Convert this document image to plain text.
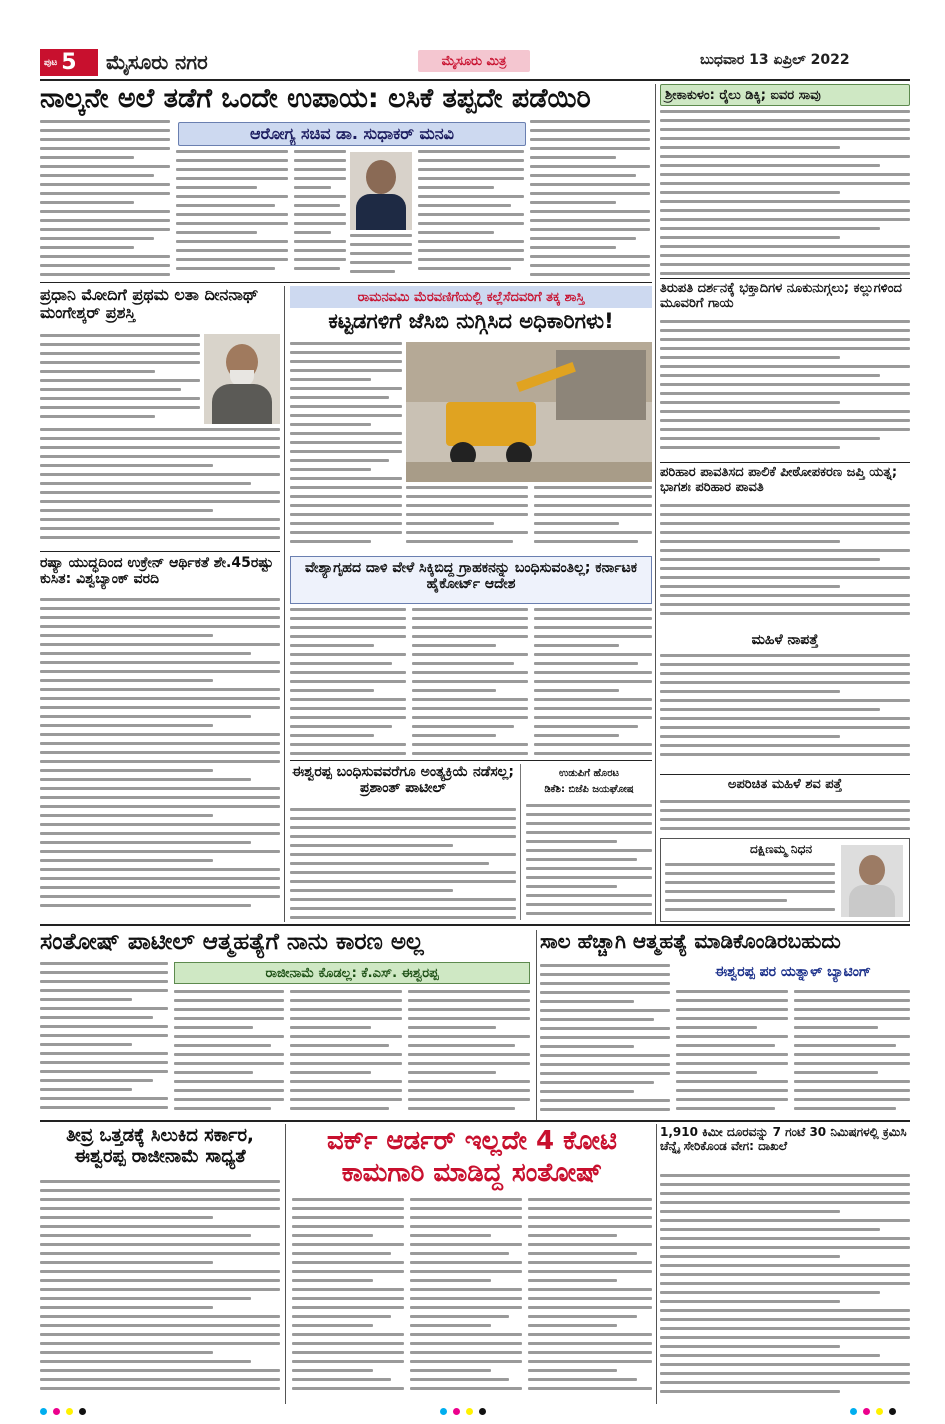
ಪುಟ 5 ಮೈಸೂರು ನಗರ	ಮೈಸೂರು ಮಿತ್ರ	ಬುಧವಾರ 13 ಏಪ್ರಿಲ್ 2022
ನಾಲ್ಕನೇ ಅಲೆ ತಡೆಗೆ ಒಂದೇ ಉಪಾಯ: ಲಸಿಕೆ ತಪ್ಪದೇ ಪಡೆಯಿರಿ
ಆರೋಗ್ಯ ಸಚಿವ ಡಾ. ಸುಧಾಕರ್ ಮನವಿ
ಶ್ರೀಕಾಕುಳಂ: ರೈಲು ಡಿಕ್ಕಿ; ಐವರ ಸಾವು
ತಿರುಪತಿ ದರ್ಶನಕ್ಕೆ ಭಕ್ತಾದಿಗಳ ನೂಕುನುಗ್ಗಲು; ಕಲ್ಲುಗಳಿಂದ ಮೂವರಿಗೆ ಗಾಯ
ಪರಿಹಾರ ಪಾವತಿಸದ ಪಾಲಿಕೆ ಪೀಠೋಪಕರಣ ಜಪ್ತಿ ಯತ್ನ; ಭಾಗಶಃ ಪರಿಹಾರ ಪಾವತಿ
ಮಹಿಳೆ ನಾಪತ್ತೆ
ಅಪರಿಚಿತ ಮಹಿಳೆ ಶವ ಪತ್ತೆ
ದಕ್ಷಿಣಮ್ಮ ನಿಧನ
ಪ್ರಧಾನಿ ಮೋದಿಗೆ ಪ್ರಥಮ ಲತಾ ದೀನನಾಥ್ ಮಂಗೇಶ್ಕರ್ ಪ್ರಶಸ್ತಿ
ರಷ್ಯಾ ಯುದ್ಧದಿಂದ ಉಕ್ರೇನ್ ಆರ್ಥಿಕತೆ ಶೇ.45ರಷ್ಟು ಕುಸಿತ: ವಿಶ್ವಬ್ಯಾಂಕ್ ವರದಿ
ರಾಮನವಮಿ ಮೆರವಣಿಗೆಯಲ್ಲಿ ಕಲ್ಲೆಸೆದವರಿಗೆ ತಕ್ಕ ಶಾಸ್ತಿ
ಕಟ್ಟಡಗಳಿಗೆ ಜೆಸಿಬಿ ನುಗ್ಗಿಸಿದ ಅಧಿಕಾರಿಗಳು!
ವೇಶ್ಯಾಗೃಹದ ದಾಳಿ ವೇಳೆ ಸಿಕ್ಕಿಬಿದ್ದ ಗ್ರಾಹಕನನ್ನು ಬಂಧಿಸುವಂತಿಲ್ಲ; ಕರ್ನಾಟಕ ಹೈಕೋರ್ಟ್ ಆದೇಶ
ಈಶ್ವರಪ್ಪ ಬಂಧಿಸುವವರೆಗೂ ಅಂತ್ಯಕ್ರಿಯೆ ನಡೆಸಲ್ಲ; ಪ್ರಶಾಂತ್ ಪಾಟೀಲ್
ಉಡುಪಿಗೆ ಹೊರಟ
ಡಿಕೆಶಿ: ಬಿಜೆಪಿ ಜಯಘೋಷ
ಸಂತೋಷ್ ಪಾಟೀಲ್ ಆತ್ಮಹತ್ಯೆಗೆ ನಾನು ಕಾರಣ ಅಲ್ಲ
ರಾಜೀನಾಮೆ ಕೊಡಲ್ಲ: ಕೆ.ಎಸ್. ಈಶ್ವರಪ್ಪ
ಸಾಲ ಹೆಚ್ಚಾಗಿ ಆತ್ಮಹತ್ಯೆ ಮಾಡಿಕೊಂಡಿರಬಹುದು
ಈಶ್ವರಪ್ಪ ಪರ ಯತ್ನಾಳ್ ಬ್ಯಾಟಿಂಗ್
ತೀವ್ರ ಒತ್ತಡಕ್ಕೆ ಸಿಲುಕಿದ ಸರ್ಕಾರ, ಈಶ್ವರಪ್ಪ ರಾಜೀನಾಮೆ ಸಾಧ್ಯತೆ
ವರ್ಕ್ ಆರ್ಡರ್ ಇಲ್ಲದೇ 4 ಕೋಟಿ ಕಾಮಗಾರಿ ಮಾಡಿದ್ದ ಸಂತೋಷ್
1,910 ಕಿಮೀ ದೂರವನ್ನು 7 ಗಂಟೆ 30 ನಿಮಿಷಗಳಲ್ಲಿ ಕ್ರಮಿಸಿ ಚೆನ್ನೈ ಸೇರಿಕೊಂಡ ವೇಗ: ದಾಖಲೆ
